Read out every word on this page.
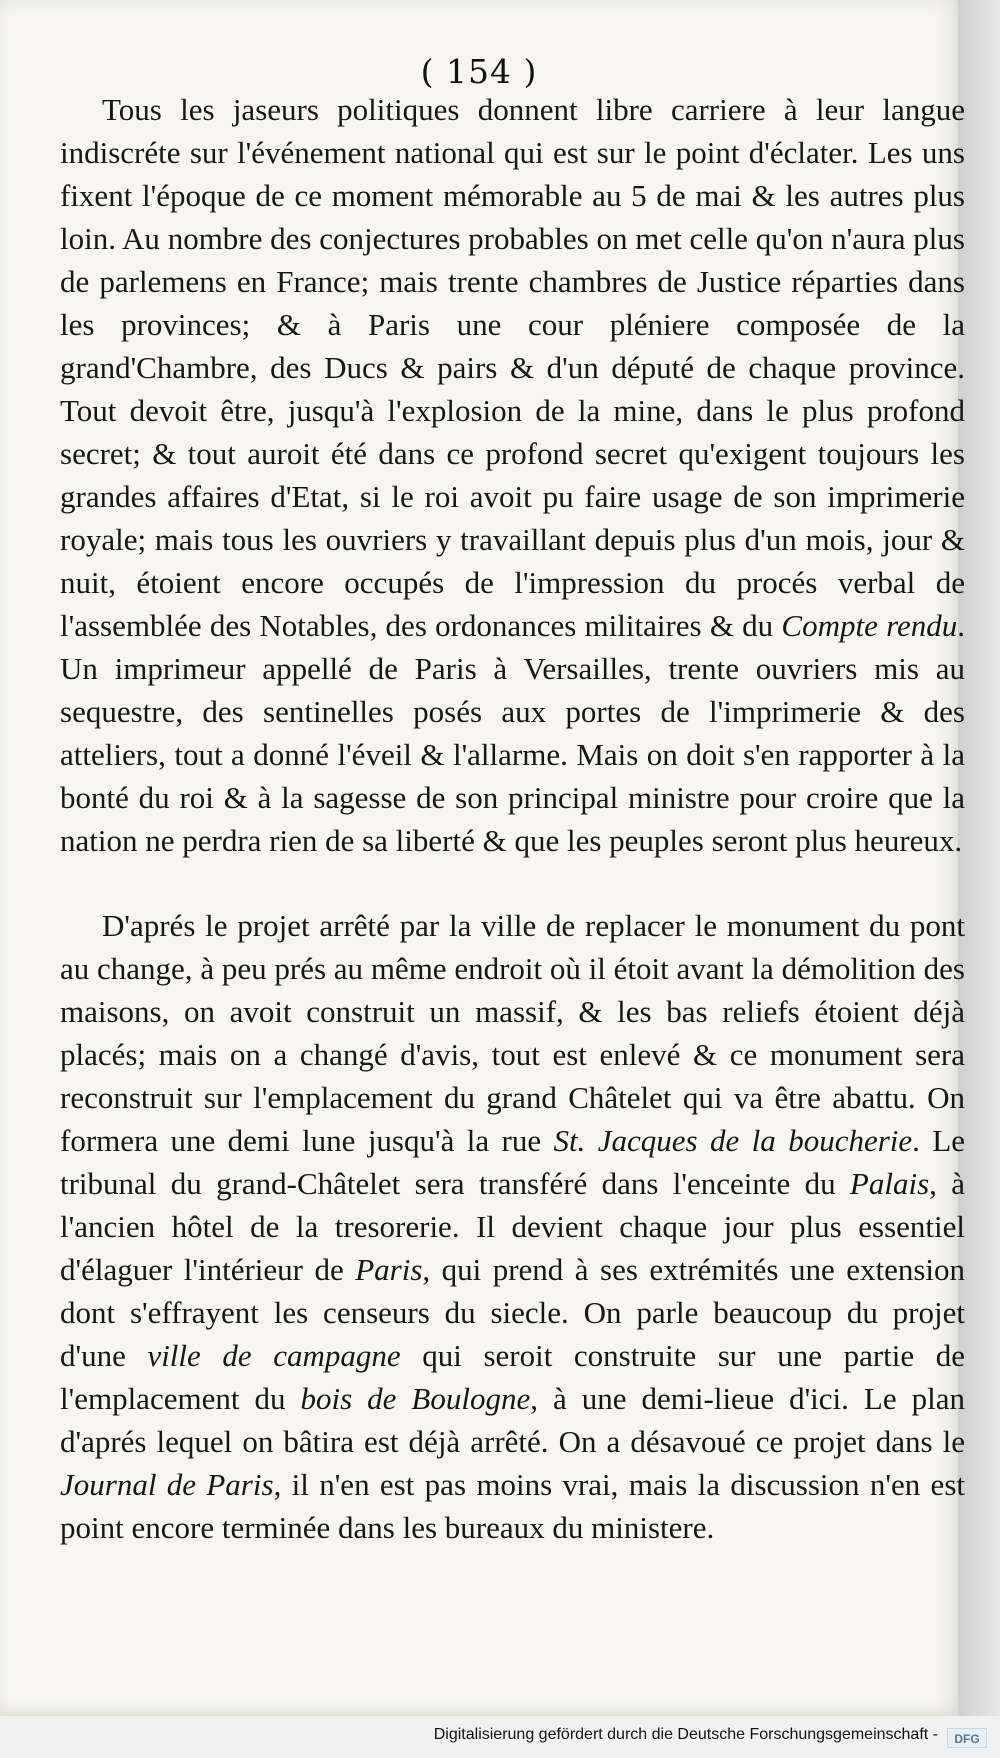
( 154 )

Tous les jaseurs politiques donnent libre carriere à leur langue indiscréte sur l'événement national qui est sur le point d'éclater. Les uns fixent l'époque de ce moment mémorable au 5 de mai & les autres plus loin. Au nombre des conjectures probables on met celle qu'on n'aura plus de parlemens en France; mais trente chambres de Justice réparties dans les provinces; & à Paris une cour pléniere composée de la grand'Chambre, des Ducs & pairs & d'un député de chaque province. Tout devoit être, jusqu'à l'explosion de la mine, dans le plus profond secret; & tout auroit été dans ce profond secret qu'exigent toujours les grandes affaires d'Etat, si le roi avoit pu faire usage de son imprimerie royale; mais tous les ouvriers y travaillant depuis plus d'un mois, jour & nuit, étoient encore occupés de l'impression du procés verbal de l'assemblée des Notables, des ordonances militaires & du Compte rendu. Un imprimeur appellé de Paris à Versailles, trente ouvriers mis au sequestre, des sentinelles posés aux portes de l'imprimerie & des atteliers, tout a donné l'éveil & l'allarme. Mais on doit s'en rapporter à la bonté du roi & à la sagesse de son principal ministre pour croire que la nation ne perdra rien de sa liberté & que les peuples seront plus heureux.

D'aprés le projet arrêté par la ville de replacer le monument du pont au change, à peu prés au même endroit où il étoit avant la démolition des maisons, on avoit construit un massif, & les bas reliefs étoient déjà placés; mais on a changé d'avis, tout est enlevé & ce monument sera reconstruit sur l'emplacement du grand Châtelet qui va être abattu. On formera une demi lune jusqu'à la rue St. Jacques de la boucherie. Le tribunal du grand-Châtelet sera transféré dans l'enceinte du Palais, à l'ancien hôtel de la tresorerie. Il devient chaque jour plus essentiel d'élaguer l'intérieur de Paris, qui prend à ses extrémités une extension dont s'effrayent les censeurs du siecle. On parle beaucoup du projet d'une ville de campagne qui seroit construite sur une partie de l'emplacement du bois de Boulogne, à une demi-lieue d'ici. Le plan d'aprés lequel on bâtira est déjà arrêté. On a désavoué ce projet dans le Journal de Paris, il n'en est pas moins vrai, mais la discussion n'en est point encore terminée dans les bureaux du ministere.

Digitalisierung gefördert durch die Deutsche Forschungsgemeinschaft -	DFG
